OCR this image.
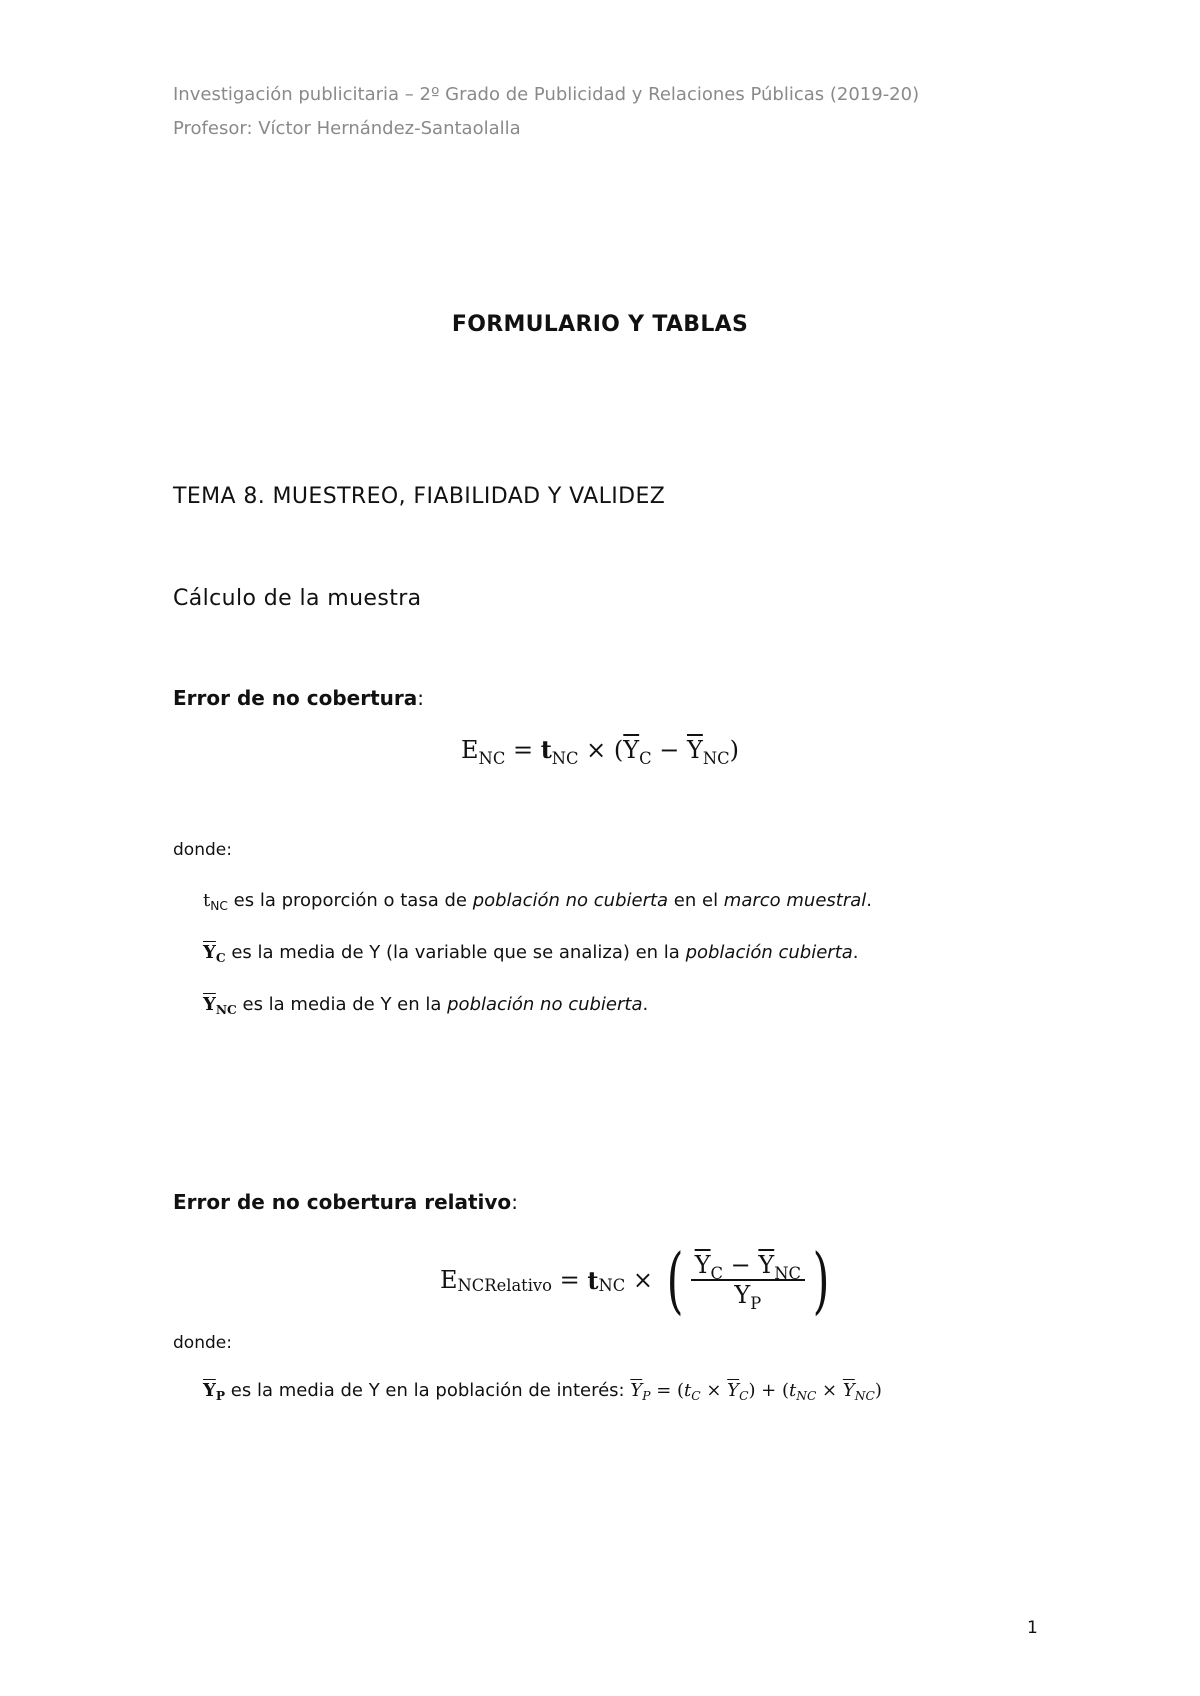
Investigación publicitaria – 2º Grado de Publicidad y Relaciones Públicas (2019-20)
Profesor: Víctor Hernández-Santaolalla
FORMULARIO Y TABLAS
TEMA 8. MUESTREO, FIABILIDAD Y VALIDEZ
Cálculo de la muestra
Error de no cobertura:
$E_{NC} = t_{NC} \times (\overline{Y}_C - \overline{Y}_{NC})$
donde:
$t_{NC}$ es la proporción o tasa de población no cubierta en el marco muestral.
$\overline{Y}_C$ es la media de Y (la variable que se analiza) en la población cubierta.
$\overline{Y}_{NC}$ es la media de Y en la población no cubierta.
Error de no cobertura relativo:
E NCRelativo = t NC × ( $\frac{\overline{Y}_C - \overline{Y}_{NC}}{\overline{Y}_P}$ )
donde:
$\overline{Y}_P$ es la media de Y en la población de interés: $\overline{Y}_P = (t_C \times \overline{Y}_C) + (t_{NC} \times \overline{Y}_{NC})$
1
